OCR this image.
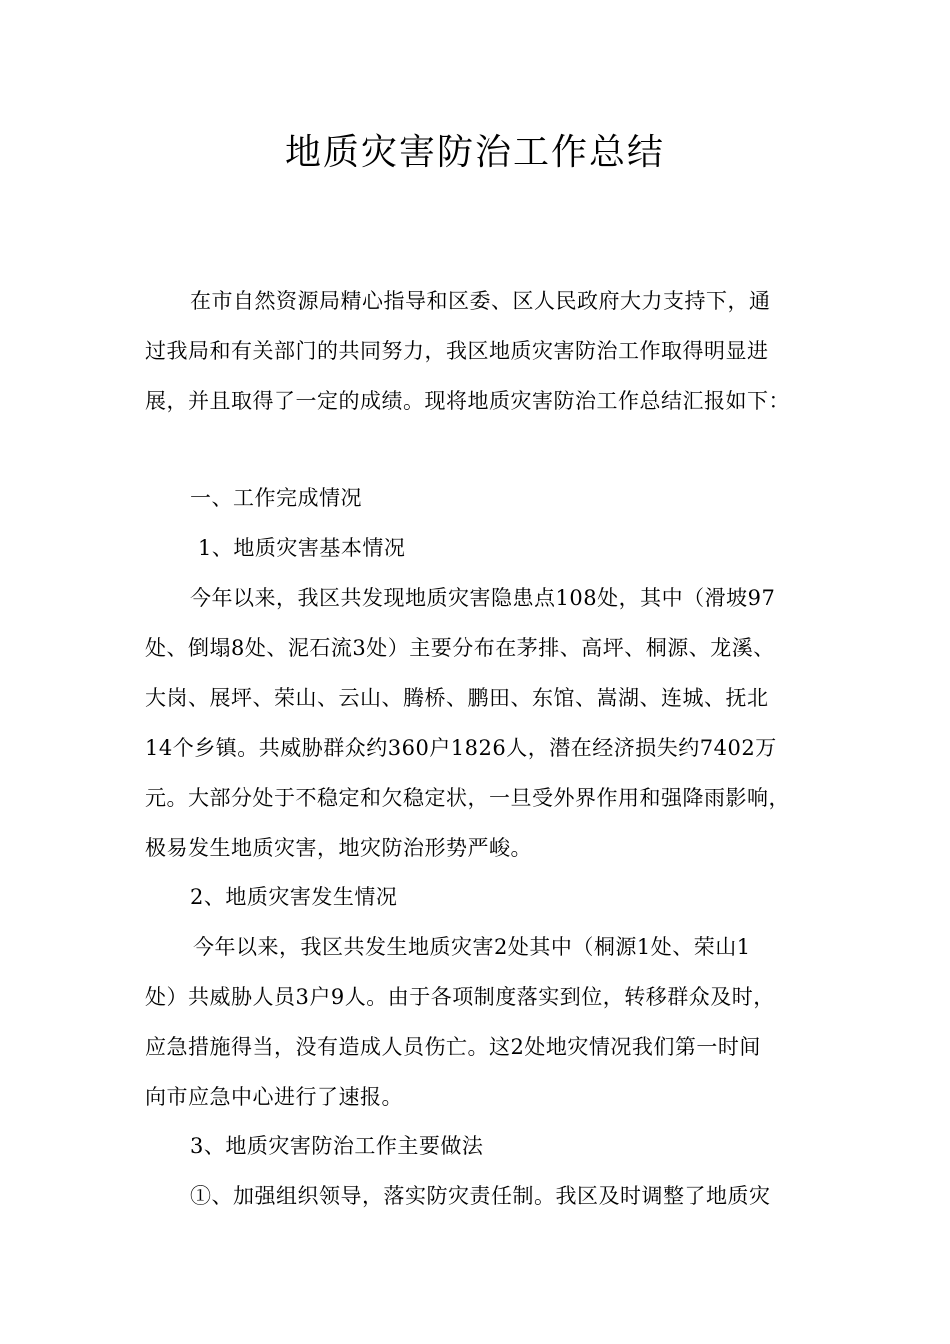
地质灾害防治工作总结

在市自然资源局精心指导和区委、区人民政府大力支持下，通

过我局和有关部门的共同努力，我区地质灾害防治工作取得明显进

展，并且取得了一定的成绩。现将地质灾害防治工作总结汇报如下：

一、工作完成情况

1、地质灾害基本情况

今年以来，我区共发现地质灾害隐患点108处，其中（滑坡97

处、倒塌8处、泥石流3处）主要分布在茅排、高坪、桐源、龙溪、

大岗、展坪、荣山、云山、腾桥、鹏田、东馆、嵩湖、连城、抚北

14个乡镇。共威胁群众约360户1826人，潜在经济损失约7402万

元。大部分处于不稳定和欠稳定状，一旦受外界作用和强降雨影响，

极易发生地质灾害，地灾防治形势严峻。

2、地质灾害发生情况

今年以来，我区共发生地质灾害2处其中（桐源1处、荣山1

处）共威胁人员3户9人。由于各项制度落实到位，转移群众及时，

应急措施得当，没有造成人员伤亡。这2处地灾情况我们第一时间

向市应急中心进行了速报。

3、地质灾害防治工作主要做法

①、加强组织领导，落实防灾责任制。我区及时调整了地质灾
